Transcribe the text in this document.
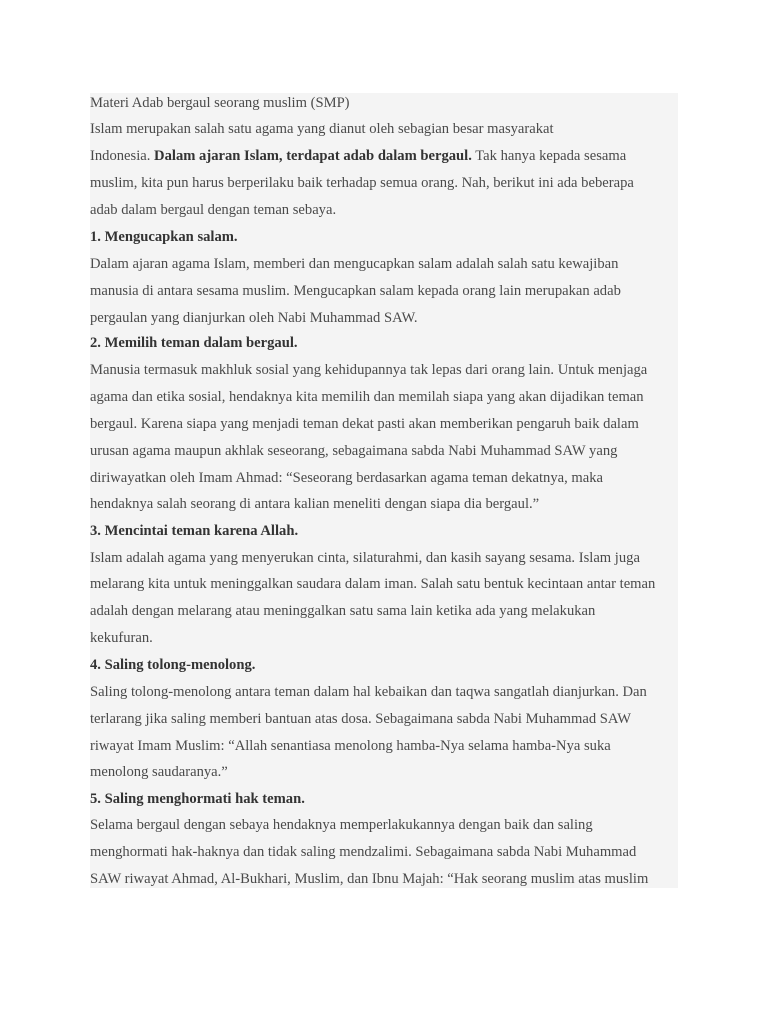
Materi Adab bergaul seorang muslim (SMP)
Islam merupakan salah satu agama yang dianut oleh sebagian besar masyarakat
Indonesia. Dalam ajaran Islam, terdapat adab dalam bergaul. Tak hanya kepada sesama
muslim, kita pun harus berperilaku baik terhadap semua orang. Nah, berikut ini ada beberapa
adab dalam bergaul dengan teman sebaya.
1. Mengucapkan salam.
Dalam ajaran agama Islam, memberi dan mengucapkan salam adalah salah satu kewajiban
manusia di antara sesama muslim. Mengucapkan salam kepada orang lain merupakan adab
pergaulan yang dianjurkan oleh Nabi Muhammad SAW.
2. Memilih teman dalam bergaul.
Manusia termasuk makhluk sosial yang kehidupannya tak lepas dari orang lain. Untuk menjaga
agama dan etika sosial, hendaknya kita memilih dan memilah siapa yang akan dijadikan teman
bergaul. Karena siapa yang menjadi teman dekat pasti akan memberikan pengaruh baik dalam
urusan agama maupun akhlak seseorang, sebagaimana sabda Nabi Muhammad SAW yang
diriwayatkan oleh Imam Ahmad: “Seseorang berdasarkan agama teman dekatnya, maka
hendaknya salah seorang di antara kalian meneliti dengan siapa dia bergaul.”
3. Mencintai teman karena Allah.
Islam adalah agama yang menyerukan cinta, silaturahmi, dan kasih sayang sesama. Islam juga
melarang kita untuk meninggalkan saudara dalam iman. Salah satu bentuk kecintaan antar teman
adalah dengan melarang atau meninggalkan satu sama lain ketika ada yang melakukan
kekufuran.
4. Saling tolong-menolong.
Saling tolong-menolong antara teman dalam hal kebaikan dan taqwa sangatlah dianjurkan. Dan
terlarang jika saling memberi bantuan atas dosa. Sebagaimana sabda Nabi Muhammad SAW
riwayat Imam Muslim: “Allah senantiasa menolong hamba-Nya selama hamba-Nya suka
menolong saudaranya.”
5. Saling menghormati hak teman.
Selama bergaul dengan sebaya hendaknya memperlakukannya dengan baik dan saling
menghormati hak-haknya dan tidak saling mendzalimi. Sebagaimana sabda Nabi Muhammad
SAW riwayat Ahmad, Al-Bukhari, Muslim, dan Ibnu Majah: “Hak seorang muslim atas muslim
